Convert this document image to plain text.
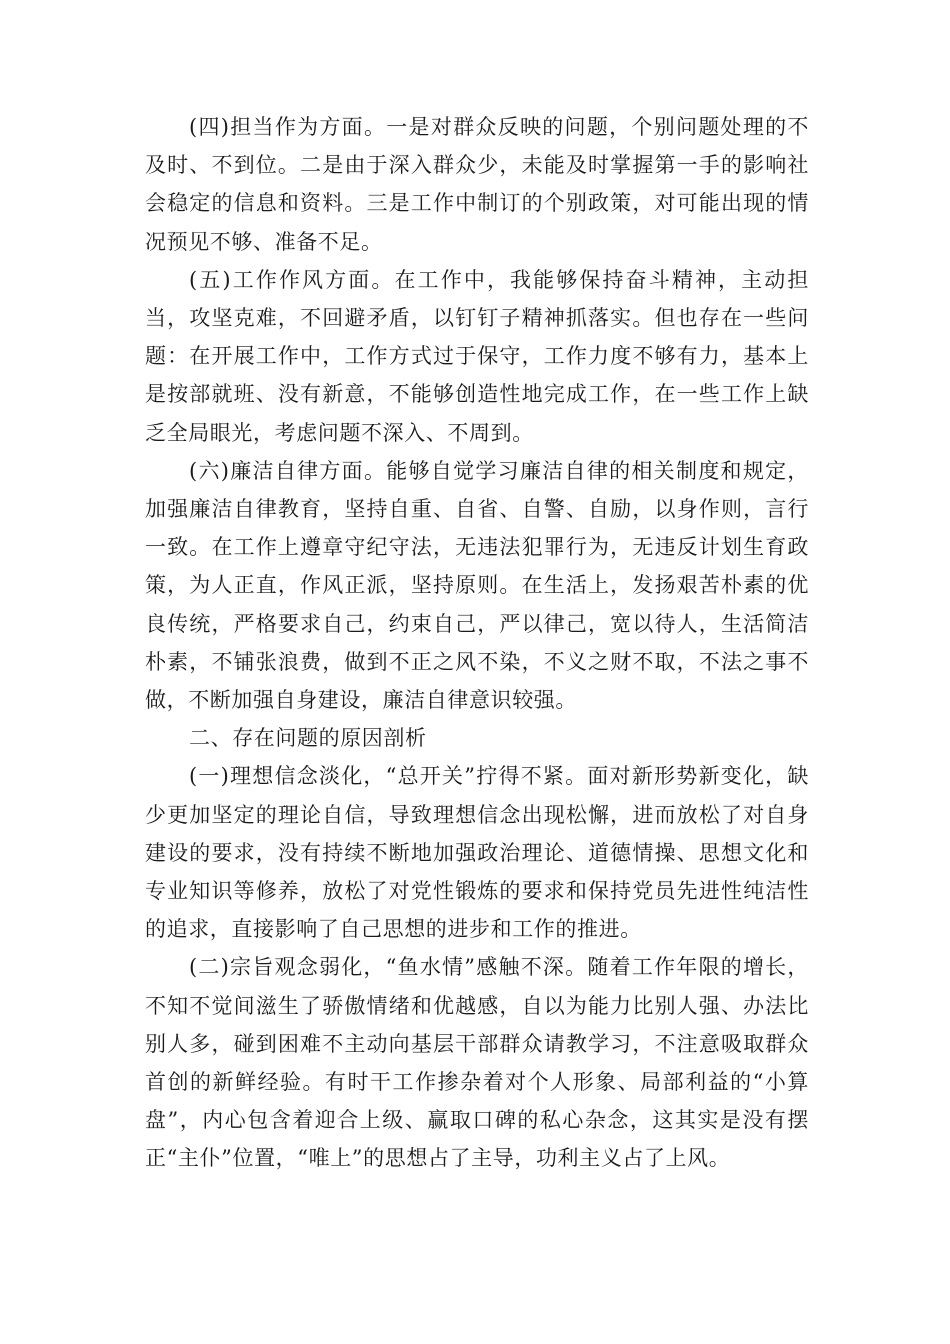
(四)担当作为方面。一是对群众反映的问题，个别问题处理的不及时、不到位。二是由于深入群众少，未能及时掌握第一手的影响社会稳定的信息和资料。三是工作中制订的个别政策，对可能出现的情况预见不够、准备不足。

(五)工作作风方面。在工作中，我能够保持奋斗精神，主动担当，攻坚克难，不回避矛盾，以钉钉子精神抓落实。但也存在一些问题：在开展工作中，工作方式过于保守，工作力度不够有力，基本上是按部就班、没有新意，不能够创造性地完成工作，在一些工作上缺乏全局眼光，考虑问题不深入、不周到。

(六)廉洁自律方面。能够自觉学习廉洁自律的相关制度和规定，加强廉洁自律教育，坚持自重、自省、自警、自励，以身作则，言行一致。在工作上遵章守纪守法，无违法犯罪行为，无违反计划生育政策，为人正直，作风正派，坚持原则。在生活上，发扬艰苦朴素的优良传统，严格要求自己，约束自己，严以律己，宽以待人，生活简洁朴素，不铺张浪费，做到不正之风不染，不义之财不取，不法之事不做，不断加强自身建设，廉洁自律意识较强。

二、存在问题的原因剖析

(一)理想信念淡化，“总开关”拧得不紧。面对新形势新变化，缺少更加坚定的理论自信，导致理想信念出现松懈，进而放松了对自身建设的要求，没有持续不断地加强政治理论、道德情操、思想文化和专业知识等修养，放松了对党性锻炼的要求和保持党员先进性纯洁性的追求，直接影响了自己思想的进步和工作的推进。

(二)宗旨观念弱化，“鱼水情”感触不深。随着工作年限的增长，不知不觉间滋生了骄傲情绪和优越感，自以为能力比别人强、办法比别人多，碰到困难不主动向基层干部群众请教学习，不注意吸取群众首创的新鲜经验。有时干工作掺杂着对个人形象、局部利益的“小算盘”，内心包含着迎合上级、赢取口碑的私心杂念，这其实是没有摆正“主仆”位置，“唯上”的思想占了主导，功利主义占了上风。
